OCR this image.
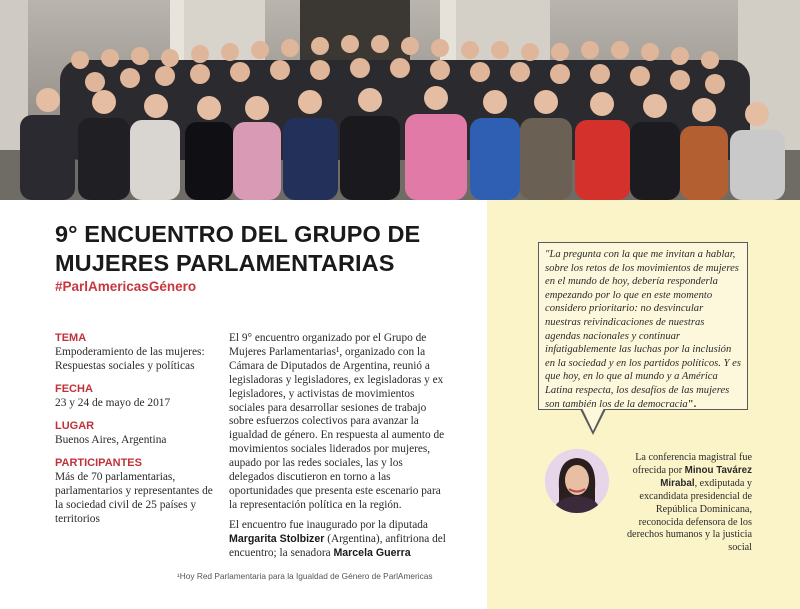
9° ENCUENTRO DEL GRUPO DE
MUJERES PARLAMENTARIAS

#ParlAmericasGénero

TEMA

Empoderamiento de las mujeres: Respuestas sociales y políticas

FECHA

23 y 24 de mayo de 2017

LUGAR

Buenos Aires, Argentina

PARTICIPANTES

Más de 70 parlamentarias, parlamentarios y representantes de la sociedad civil de 25 países y territorios

El 9° encuentro organizado por el Grupo de Mujeres Parlamentarias¹, organizado con la Cámara de Diputados de Argentina, reunió a legisladoras y legisladores, ex legisladoras y ex legisladores, y activistas de movimientos sociales para desarrollar sesiones de trabajo sobre esfuerzos colectivos para avanzar la igualdad de género. En respuesta al aumento de movimientos sociales liderados por mujeres, aupado por las redes sociales, las y los delegados discutieron en torno a las oportunidades que presenta este escenario para la representación política en la región.

El encuentro fue inaugurado por la diputada Margarita Stolbizer (Argentina), anfitriona del encuentro; la senadora Marcela Guerra

¹Hoy Red Parlamentaria para la Igualdad de Género de ParlAmericas
"La pregunta con la que me invitan a hablar, sobre los retos de los movimientos de mujeres en el mundo de hoy, debería responderla empezando por lo que en este momento considero prioritario: no desvincular nuestras reivindicaciones de nuestras agendas nacionales y continuar infatigablemente las luchas por la inclusión en la sociedad y en los partidos políticos. Y es que hoy, en lo que al mundo y a América Latina respecta, los desafíos de las mujeres son también los de la democracia".
La conferencia magistral fue ofrecida por Minou Tavárez Mirabal, exdiputada y excandidata presidencial de República Dominicana, reconocida defensora de los derechos humanos y la justicia social
